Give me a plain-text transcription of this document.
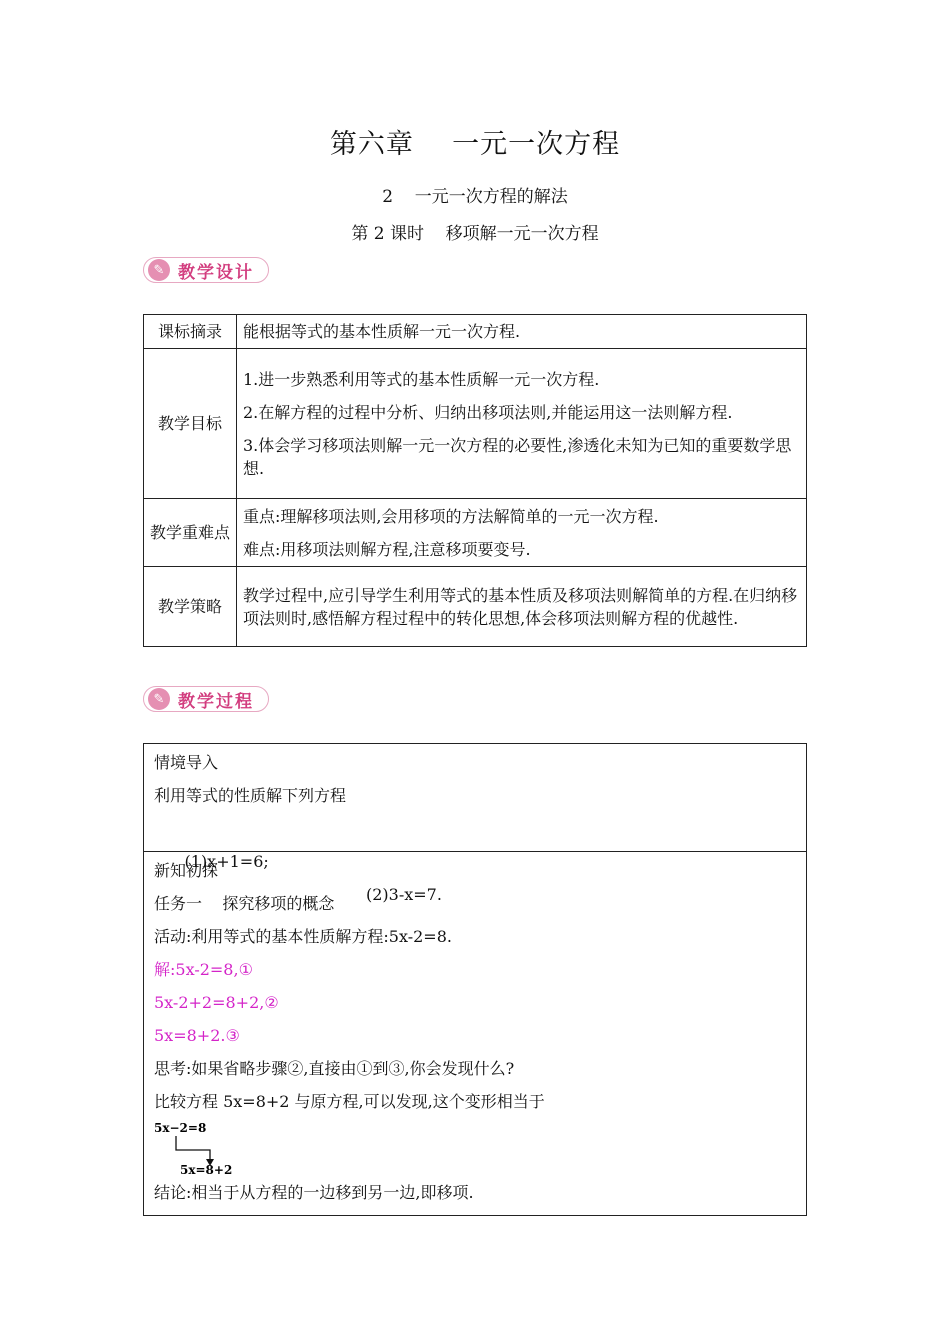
第六章    一元一次方程
2    一元一次方程的解法
第 2 课时    移项解一元一次方程
✎ 教学设计
课标摘录	能根据等式的基本性质解一元一次方程.

教学目标	1.进一步熟悉利用等式的基本性质解一元一次方程.

2.在解方程的过程中分析、归纳出移项法则,并能运用这一法则解方程.

3.体会学习移项法则解一元一次方程的必要性,渗透化未知为已知的重要数学思想.

教学重难点	重点:理解移项法则,会用移项的方法解简单的一元一次方程.

难点:用移项法则解方程,注意移项要变号.

教学策略	教学过程中,应引导学生利用等式的基本性质及移项法则解简单的方程.在归纳移项法则时,感悟解方程过程中的转化思想,体会移项法则解方程的优越性.

✎ 教学过程
情境导入
利用等式的性质解下列方程

(1)x+1=6;

(2)3-x=7.

新知初探
任务一    探究移项的概念
活动:利用等式的基本性质解方程:5x-2=8.
解:5x-2=8,①
5x-2+2=8+2,②
5x=8+2.③
思考:如果省略步骤②,直接由①到③,你会发现什么?
比较方程 5x=8+2 与原方程,可以发现,这个变形相当于
5x−2=8
5x=8+2
结论:相当于从方程的一边移到另一边,即移项.
